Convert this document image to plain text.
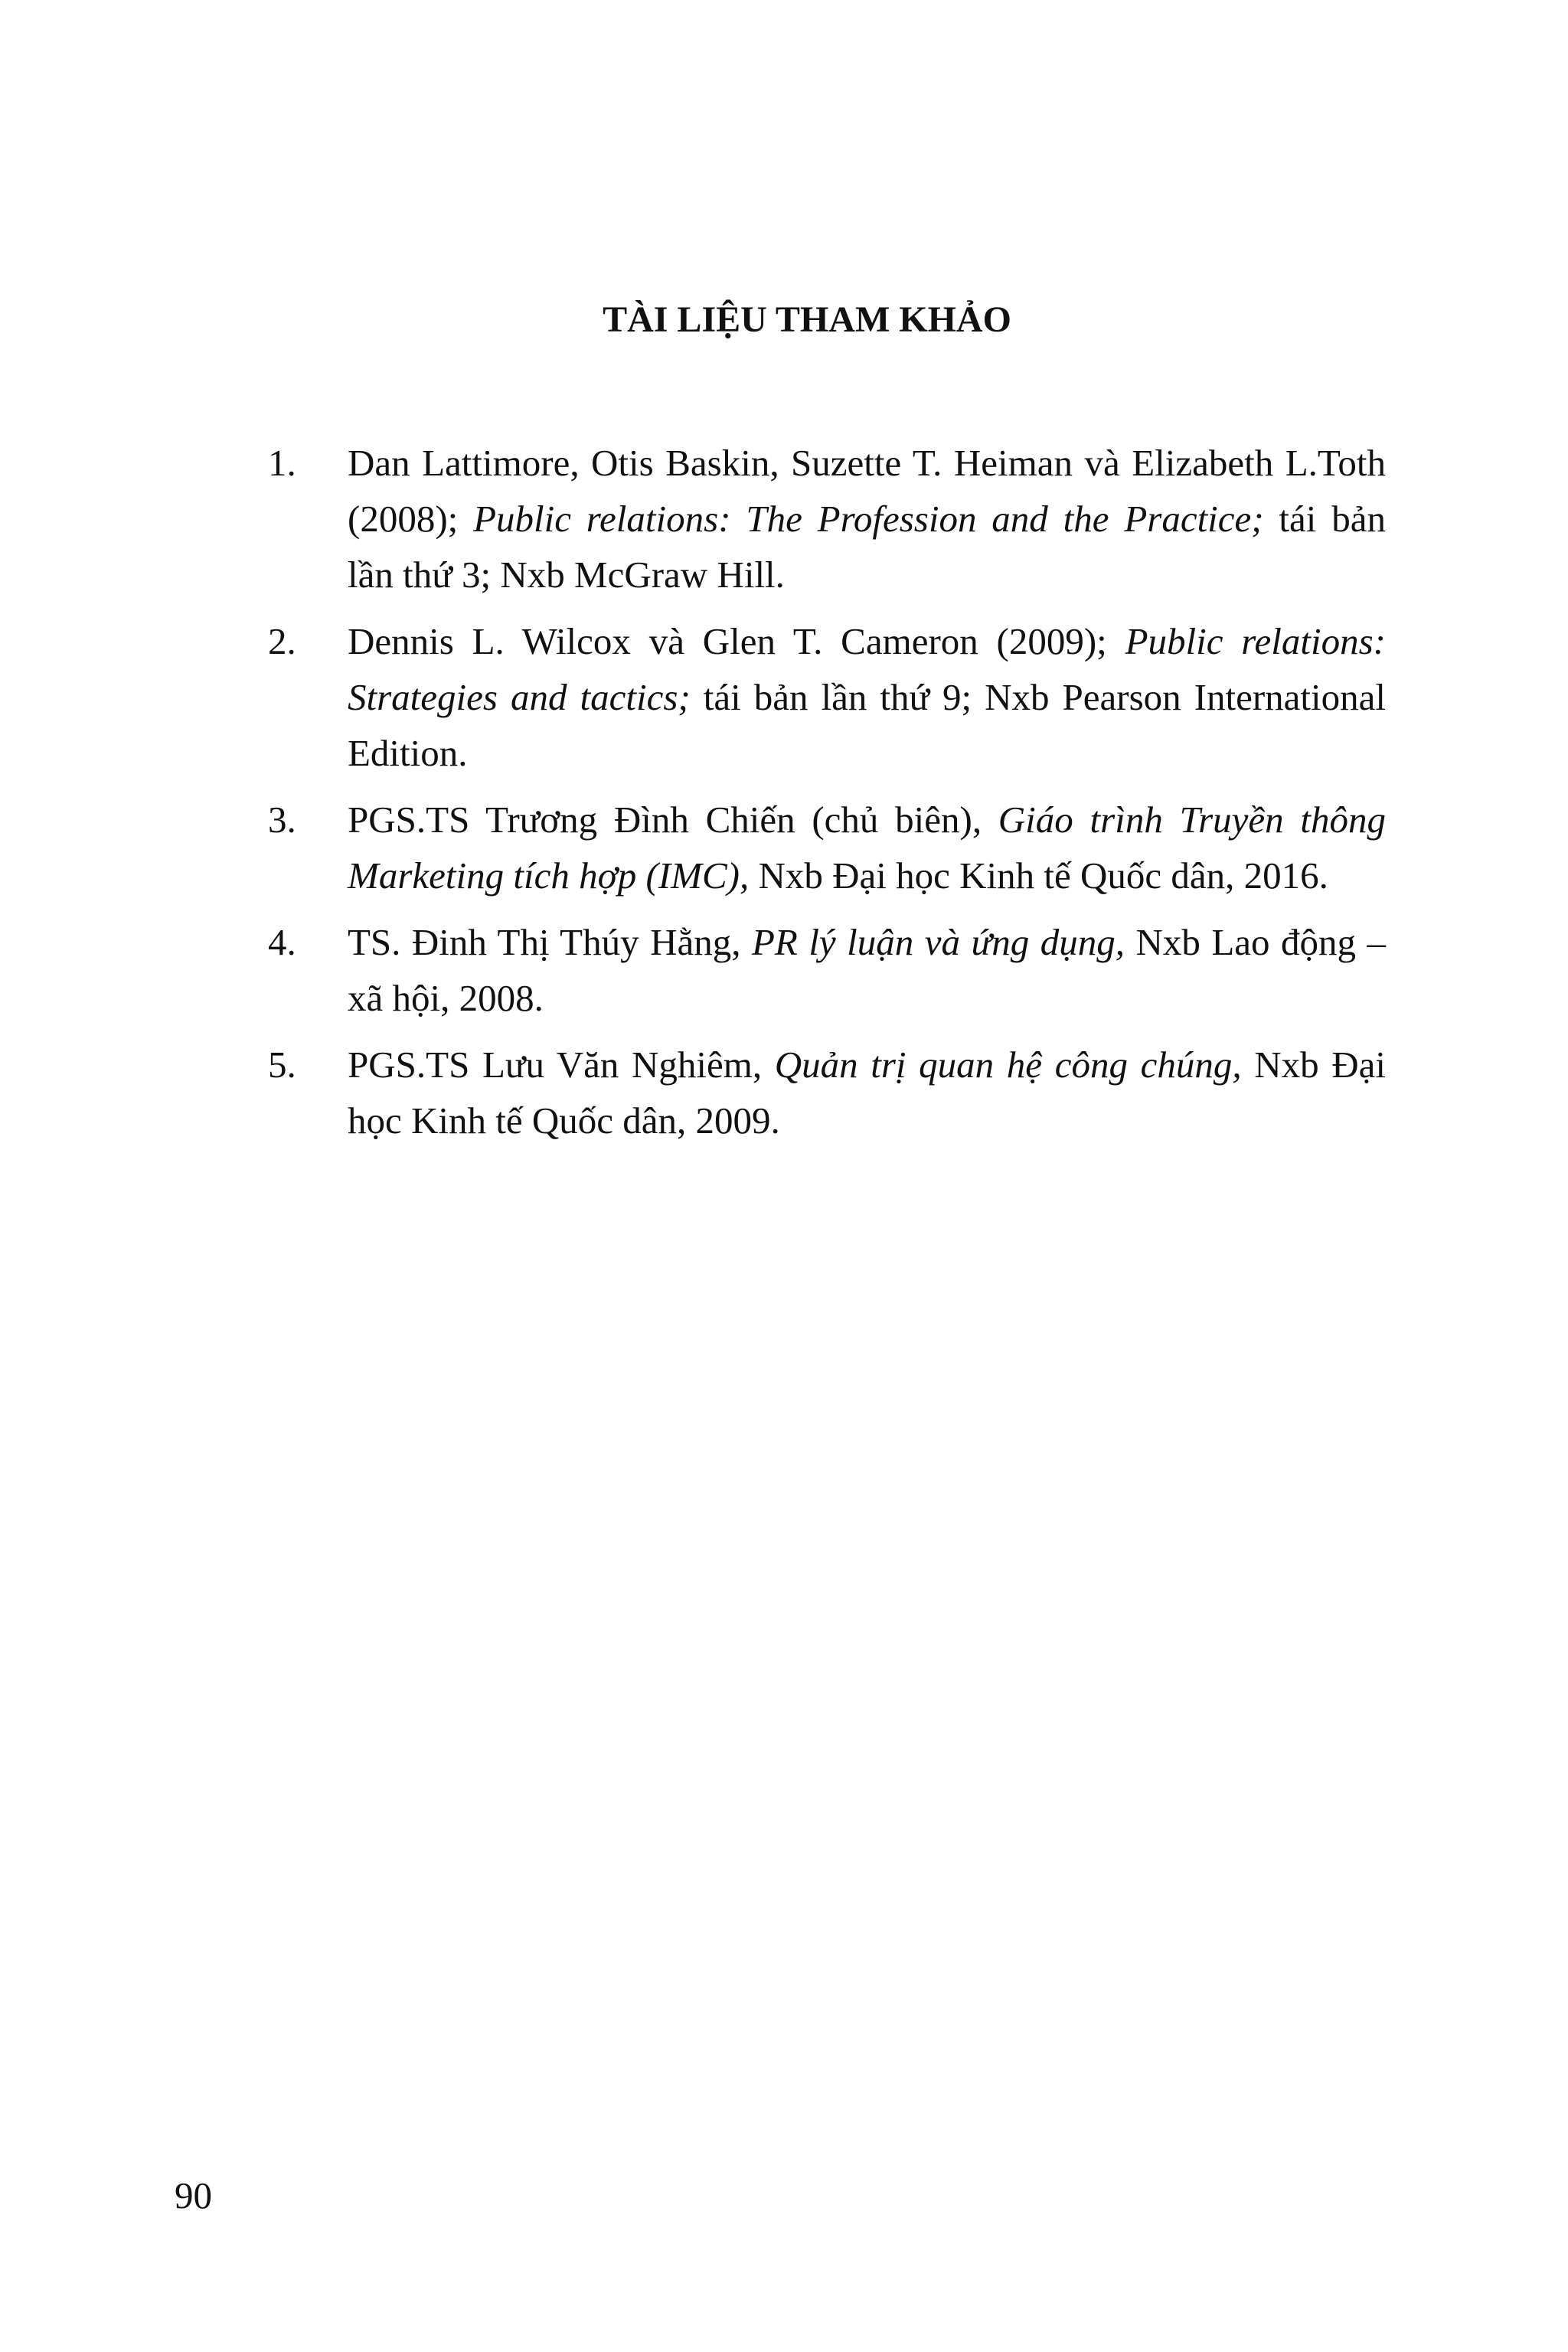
TÀI LIỆU THAM KHẢO
1. Dan Lattimore, Otis Baskin, Suzette T. Heiman và Elizabeth L.Toth (2008); Public relations: The Profession and the Practice; tái bản lần thứ 3; Nxb McGraw Hill.
2. Dennis L. Wilcox và Glen T. Cameron (2009); Public relations: Strategies and tactics; tái bản lần thứ 9; Nxb Pearson International Edition.
3. PGS.TS Trương Đình Chiến (chủ biên), Giáo trình Truyền thông Marketing tích hợp (IMC), Nxb Đại học Kinh tế Quốc dân, 2016.
4. TS. Đinh Thị Thúy Hằng, PR lý luận và ứng dụng, Nxb Lao động – xã hội, 2008.
5. PGS.TS Lưu Văn Nghiêm, Quản trị quan hệ công chúng, Nxb Đại học Kinh tế Quốc dân, 2009.
90
